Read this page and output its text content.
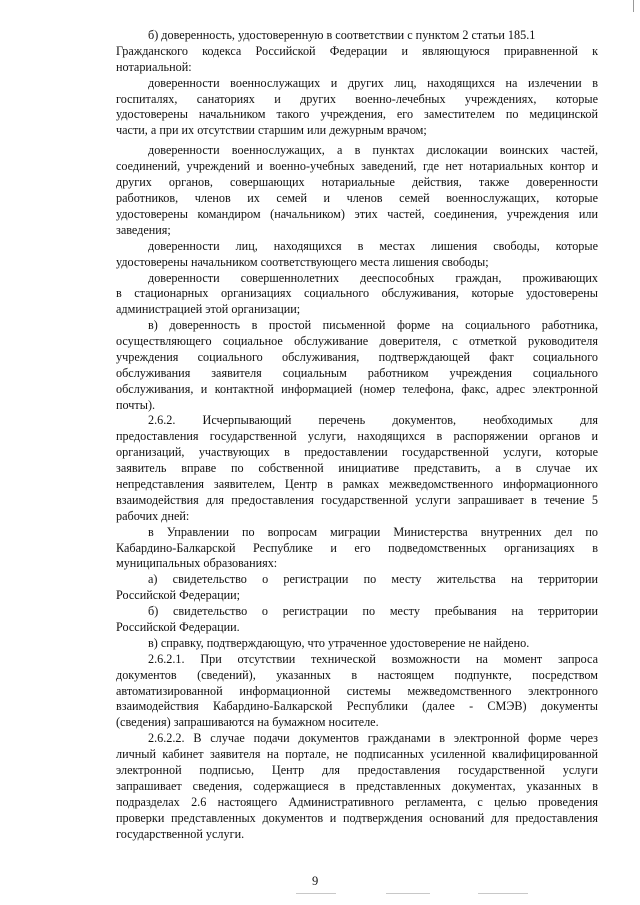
б) доверенность, удостоверенную в соответствии с пунктом 2 статьи 185.1
Гражданского кодекса Российской Федерации и являющуюся приравненной к
нотариальной:
доверенности военнослужащих и других лиц, находящихся на излечении в
госпиталях, санаториях и других военно-лечебных учреждениях, которые
удостоверены начальником такого учреждения, его заместителем по медицинской
части, а при их отсутствии старшим или дежурным врачом;
доверенности военнослужащих, а в пунктах дислокации воинских частей,
соединений, учреждений и военно-учебных заведений, где нет нотариальных контор и
других органов, совершающих нотариальные действия, также доверенности
работников, членов их семей и членов семей военнослужащих, которые
удостоверены командиром (начальником) этих частей, соединения, учреждения или
заведения;
доверенности лиц, находящихся в местах лишения свободы, которые
удостоверены начальником соответствующего места лишения свободы;
доверенности совершеннолетних дееспособных граждан, проживающих
в стационарных организациях социального обслуживания, которые удостоверены
администрацией этой организации;
в) доверенность в простой письменной форме на социального работника,
осуществляющего социальное обслуживание доверителя, с отметкой руководителя
учреждения социального обслуживания, подтверждающей факт социального
обслуживания заявителя социальным работником учреждения социального
обслуживания, и контактной информацией (номер телефона, факс, адрес электронной
почты).
2.6.2. Исчерпывающий перечень документов, необходимых для
предоставления государственной услуги, находящихся в распоряжении органов и
организаций, участвующих в предоставлении государственной услуги, которые
заявитель вправе по собственной инициативе представить, а в случае их
непредставления заявителем, Центр в рамках межведомственного информационного
взаимодействия для предоставления государственной услуги запрашивает в течение 5
рабочих дней:
в Управлении по вопросам миграции Министерства внутренних дел по
Кабардино-Балкарской Республике и его подведомственных организациях в
муниципальных образованиях:
а) свидетельство о регистрации по месту жительства на территории
Российской Федерации;
б) свидетельство о регистрации по месту пребывания на территории
Российской Федерации.
в) справку, подтверждающую, что утраченное удостоверение не найдено.
2.6.2.1. При отсутствии технической возможности на момент запроса
документов (сведений), указанных в настоящем подпункте, посредством
автоматизированной информационной системы межведомственного электронного
взаимодействия Кабардино-Балкарской Республики (далее - СМЭВ) документы
(сведения) запрашиваются на бумажном носителе.
2.6.2.2. В случае подачи документов гражданами в электронной форме через
личный кабинет заявителя на портале, не подписанных усиленной квалифицированной
электронной подписью, Центр для предоставления государственной услуги
запрашивает сведения, содержащиеся в представленных документах, указанных в
подразделах 2.6 настоящего Административного регламента, с целью проведения
проверки представленных документов и подтверждения оснований для предоставления
государственной услуги.
9
